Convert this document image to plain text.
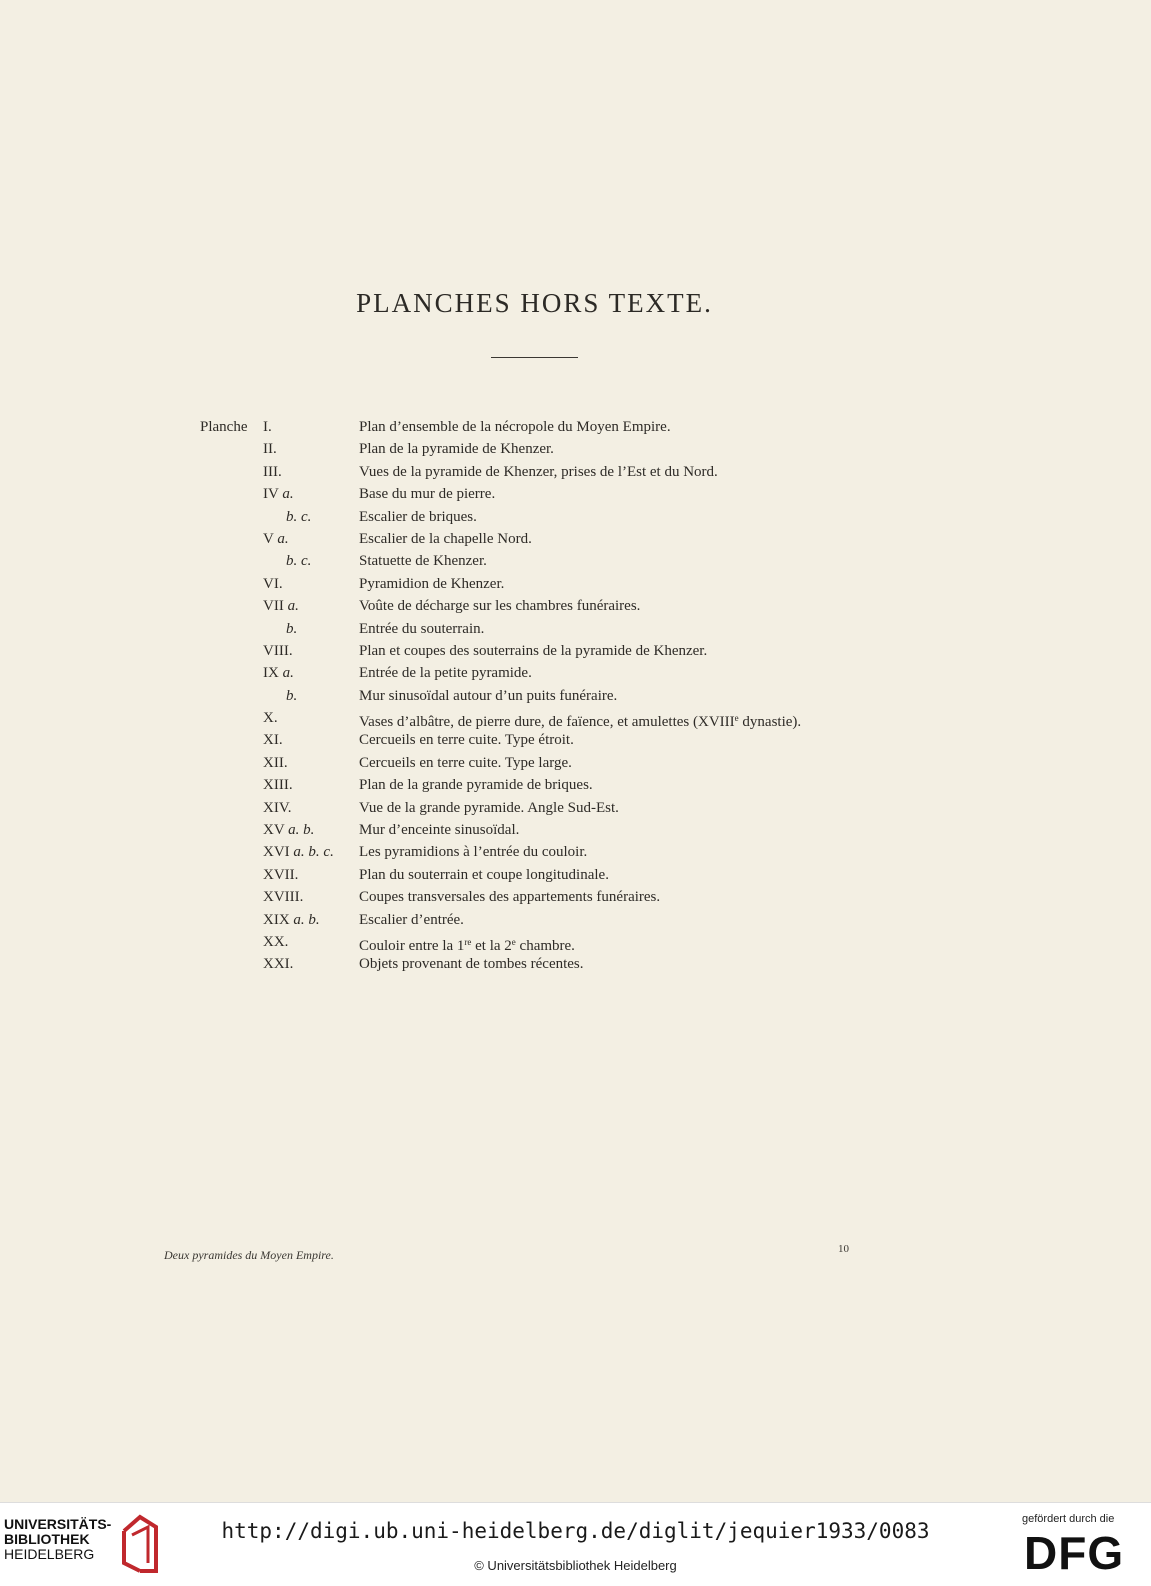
PLANCHES HORS TEXTE.
Planche I.	Plan d’ensemble de la nécropole du Moyen Empire.
II.	Plan de la pyramide de Khenzer.
III.	Vues de la pyramide de Khenzer, prises de l’Est et du Nord.
IV a.	Base du mur de pierre.
b. c.	Escalier de briques.
V a.	Escalier de la chapelle Nord.
b. c.	Statuette de Khenzer.
VI.	Pyramidion de Khenzer.
VII a.	Voûte de décharge sur les chambres funéraires.
b.	Entrée du souterrain.
VIII.	Plan et coupes des souterrains de la pyramide de Khenzer.
IX a.	Entrée de la petite pyramide.
b.	Mur sinusoïdal autour d’un puits funéraire.
X.	Vases d’albâtre, de pierre dure, de faïence, et amulettes (XVIIIe dynastie).
XI.	Cercueils en terre cuite. Type étroit.
XII.	Cercueils en terre cuite. Type large.
XIII.	Plan de la grande pyramide de briques.
XIV.	Vue de la grande pyramide. Angle Sud-Est.
XV a. b.	Mur d’enceinte sinusoïdal.
XVI a. b. c. Les pyramidions à l’entrée du couloir.
XVII.	Plan du souterrain et coupe longitudinale.
XVIII.	Coupes transversales des appartements funéraires.
XIX a. b.	Escalier d’entrée.
XX.	Couloir entre la 1re et la 2e chambre.
XXI.	Objets provenant de tombes récentes.
Deux pyramides du Moyen Empire.	10
UNIVERSITÄTS-
BIBLIOTHEK
HEIDELBERG
http://digi.ub.uni-heidelberg.de/diglit/jequier1933/0083
© Universitätsbibliothek Heidelberg
gefördert durch die
DFG
